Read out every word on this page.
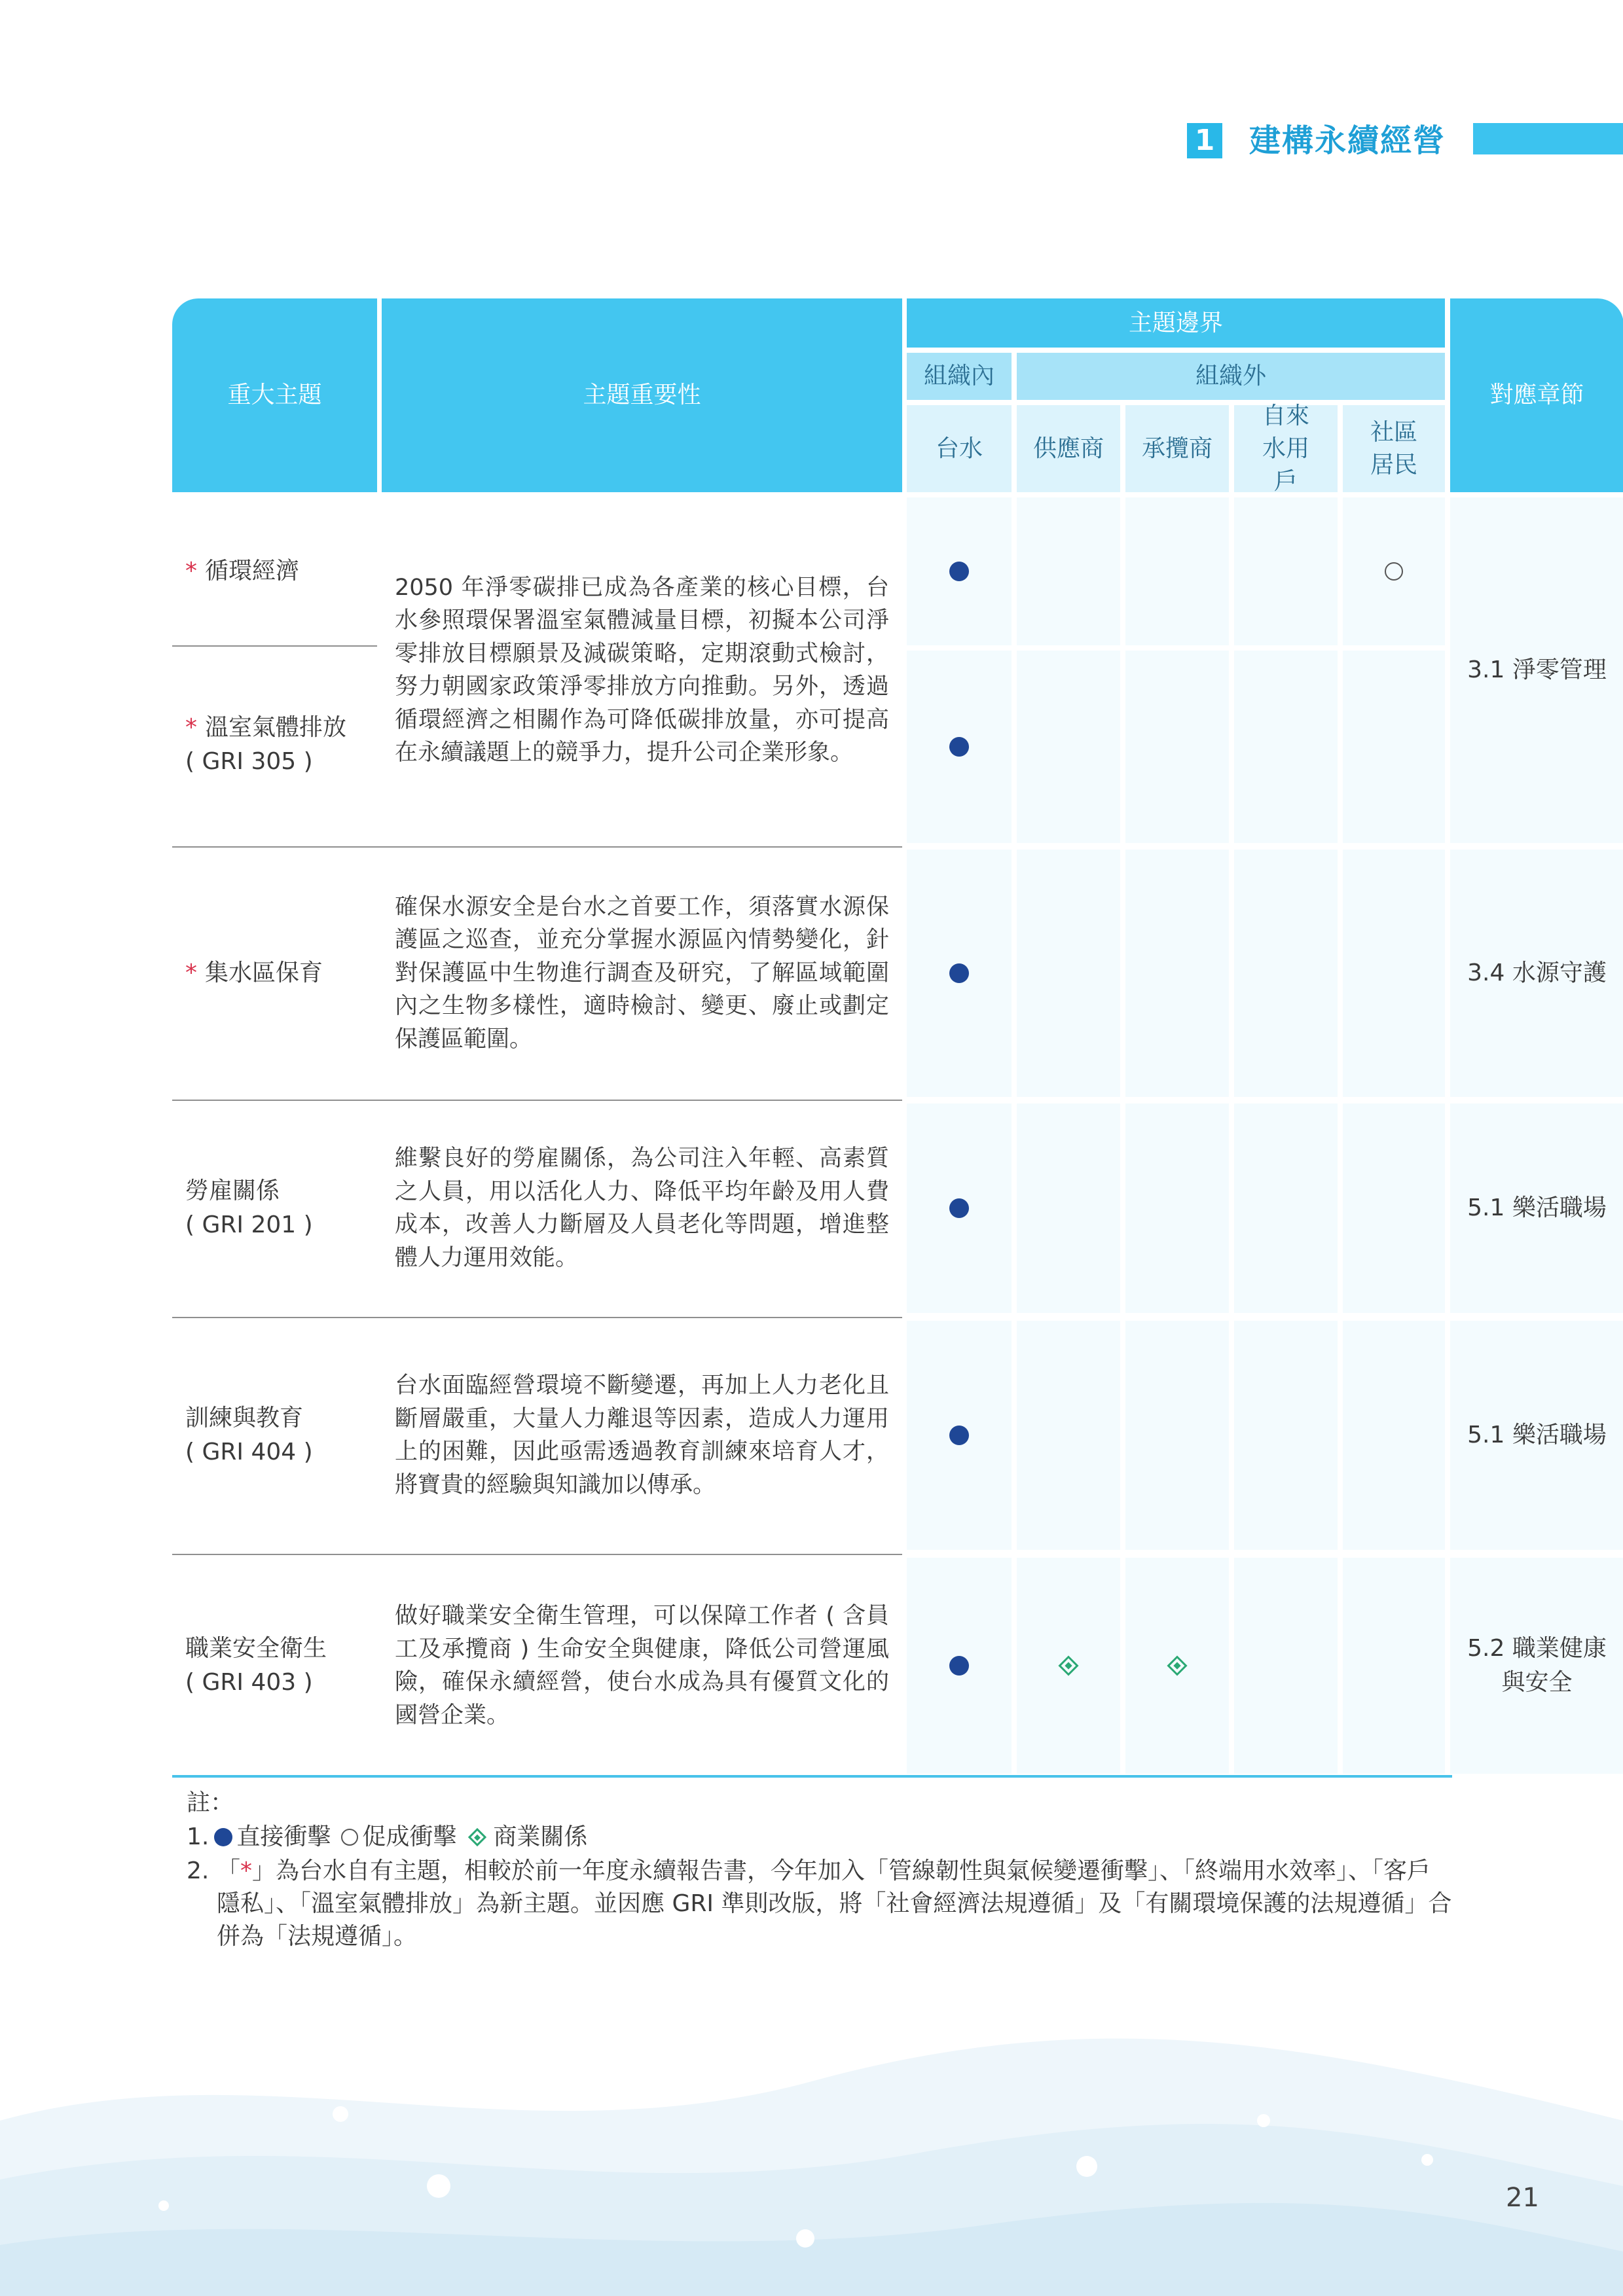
1 建構永續經營
重大主題	主題重要性
主題邊界
組織內	組織外
台水 供應商 承攬商
自來水用戶
社區居民
對應章節
* 循環經濟
* 溫室氣體排放
( GRI 305 )
2050 年淨零碳排已成為各產業的核心目標，台水參照環保署溫室氣體減量目標，初擬本公司淨零排放目標願景及減碳策略，定期滾動式檢討，努力朝國家政策淨零排放方向推動。另外，透過循環經濟之相關作為可降低碳排放量，亦可提高在永續議題上的競爭力，提升公司企業形象。
3.1 淨零管理
* 集水區保育
確保水源安全是台水之首要工作，須落實水源保護區之巡查，並充分掌握水源區內情勢變化，針對保護區中生物進行調查及研究，了解區域範圍內之生物多樣性，適時檢討、變更、廢止或劃定保護區範圍。
3.4 水源守護
勞雇關係
( GRI 201 )
維繫良好的勞雇關係，為公司注入年輕、高素質之人員，用以活化人力、降低平均年齡及用人費成本，改善人力斷層及人員老化等問題，增進整體人力運用效能。
5.1 樂活職場
訓練與教育
( GRI 404 )
台水面臨經營環境不斷變遷，再加上人力老化且斷層嚴重，大量人力離退等因素，造成人力運用上的困難，因此亟需透過教育訓練來培育人才，將寶貴的經驗與知識加以傳承。
5.1 樂活職場
職業安全衛生
( GRI 403 )
做好職業安全衛生管理，可以保障工作者 ( 含員工及承攬商 ) 生命安全與健康，降低公司營運風險，確保永續經營，使台水成為具有優質文化的國營企業。
5.2 職業健康
與安全
註：
1. 直接衝擊 促成衝擊 商業關係
2. 「*」為台水自有主題，相較於前一年度永續報告書，今年加入「管線韌性與氣候變遷衝擊」、「終端用水效率」、「客戶隱私」、「溫室氣體排放」為新主題。並因應 GRI 準則改版，將「社會經濟法規遵循」及「有關環境保護的法規遵循」合併為「法規遵循」。
21
